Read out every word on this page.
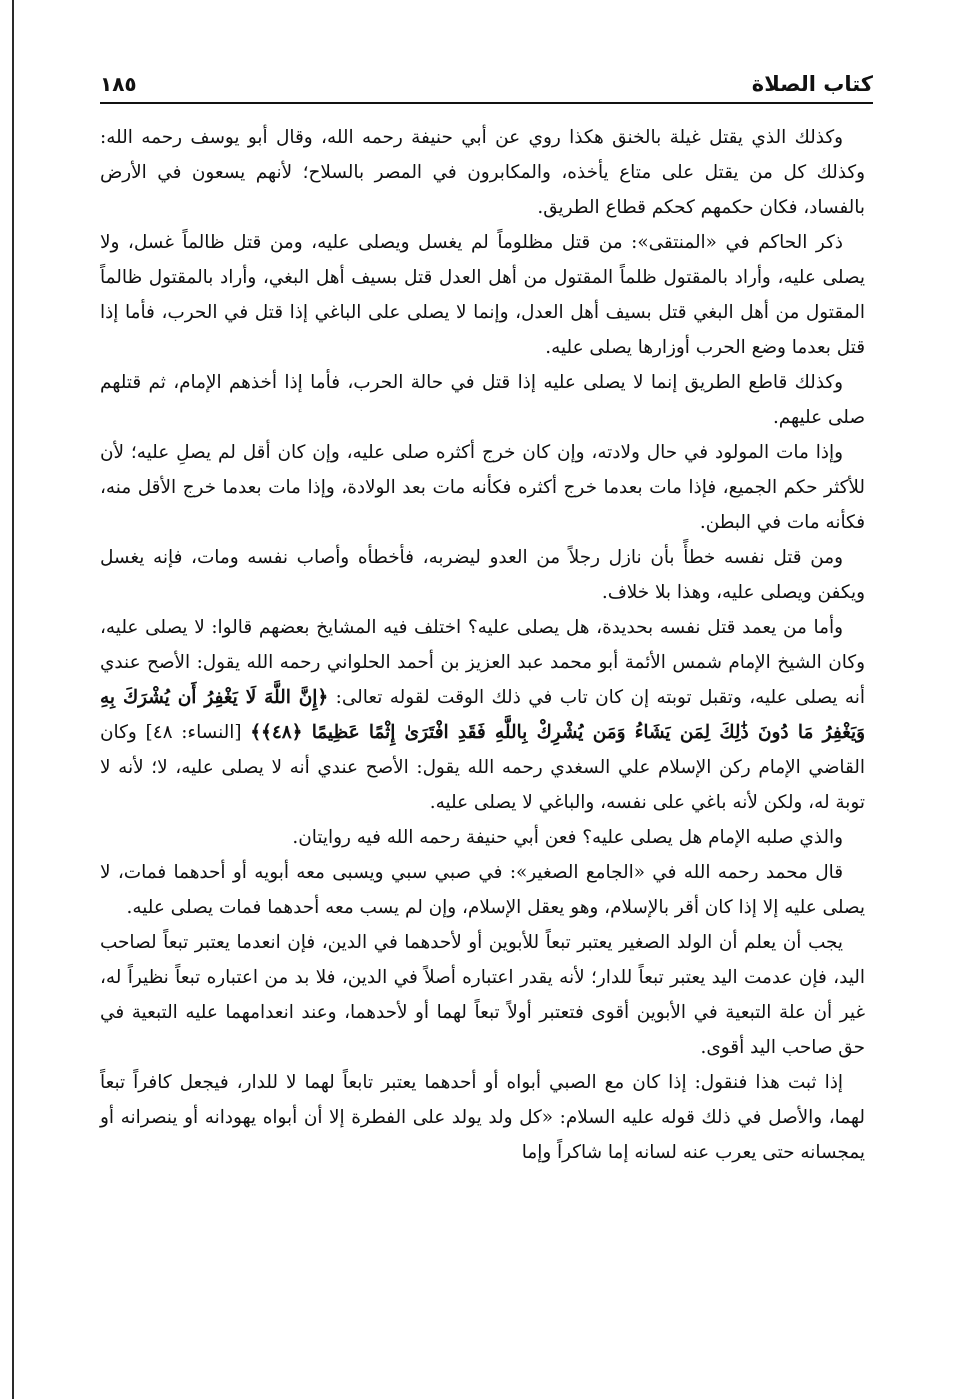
كتاب الصلاة
١٨٥

وكذلك الذي يقتل غيلة بالخنق هكذا روي عن أبي حنيفة رحمه الله، وقال أبو يوسف رحمه الله: وكذلك كل من يقتل على متاع يأخذه، والمكابرون في المصر بالسلاح؛ لأنهم يسعون في الأرض بالفساد، فكان حكمهم كحكم قطاع الطريق.

ذكر الحاكم في «المنتقى»: من قتل مظلوماً لم يغسل ويصلى عليه، ومن قتل ظالماً غسل، ولا يصلى عليه، وأراد بالمقتول ظلماً المقتول من أهل العدل قتل بسيف أهل البغي، وأراد بالمقتول ظالماً المقتول من أهل البغي قتل بسيف أهل العدل، وإنما لا يصلى على الباغي إذا قتل في الحرب، فأما إذا قتل بعدما وضع الحرب أوزارها يصلى عليه.

وكذلك قاطع الطريق إنما لا يصلى عليه إذا قتل في حالة الحرب، فأما إذا أخذهم الإمام، ثم قتلهم صلى عليهم.

وإذا مات المولود في حال ولادته، وإن كان خرج أكثره صلى عليه، وإن كان أقل لم يصلِ عليه؛ لأن للأكثر حكم الجميع، فإذا مات بعدما خرج أكثره فكأنه مات بعد الولادة، وإذا مات بعدما خرج الأقل منه، فكأنه مات في البطن.

ومن قتل نفسه خطأً بأن نازل رجلاً من العدو ليضربه، فأخطأه وأصاب نفسه ومات، فإنه يغسل ويكفن ويصلى عليه، وهذا بلا خلاف.

وأما من يعمد قتل نفسه بحديدة، هل يصلى عليه؟ اختلف فيه المشايخ بعضهم قالوا: لا يصلى عليه، وكان الشيخ الإمام شمس الأئمة أبو محمد عبد العزيز بن أحمد الحلواني رحمه الله يقول: الأصح عندي أنه يصلى عليه، وتقبل توبته إن كان تاب في ذلك الوقت لقوله تعالى: ﴿إِنَّ اللَّهَ لَا يَغْفِرُ أَن يُشْرَكَ بِهِ وَيَغْفِرُ مَا دُونَ ذَٰلِكَ لِمَن يَشَاءُ وَمَن يُشْرِكْ بِاللَّهِ فَقَدِ افْتَرَىٰ إِثْمًا عَظِيمًا ﴿٤٨﴾﴾ [النساء: ٤٨] وكان القاضي الإمام ركن الإسلام علي السغدي رحمه الله يقول: الأصح عندي أنه لا يصلى عليه، لا؛ لأنه لا توبة له، ولكن لأنه باغي على نفسه، والباغي لا يصلى عليه.

والذي صلبه الإمام هل يصلى عليه؟ فعن أبي حنيفة رحمه الله فيه روايتان.

قال محمد رحمه الله في «الجامع الصغير»: في صبي سبي ويسبى معه أبويه أو أحدهما فمات، لا يصلى عليه إلا إذا كان أقر بالإسلام، وهو يعقل الإسلام، وإن لم يسب معه أحدهما فمات يصلى عليه.

يجب أن يعلم أن الولد الصغير يعتبر تبعاً للأبوين أو لأحدهما في الدين، فإن انعدما يعتبر تبعاً لصاحب اليد، فإن عدمت اليد يعتبر تبعاً للدار؛ لأنه يقدر اعتباره أصلاً في الدين، فلا بد من اعتباره تبعاً نظيراً له، غير أن علة التبعية في الأبوين أقوى فتعتبر أولاً تبعاً لهما أو لأحدهما، وعند انعدامهما عليه التبعية في حق صاحب اليد أقوى.

إذا ثبت هذا فنقول: إذا كان مع الصبي أبواه أو أحدهما يعتبر تابعاً لهما لا للدار، فيجعل كافراً تبعاً لهما، والأصل في ذلك قوله عليه السلام: «كل ولد يولد على الفطرة إلا أن أبواه يهودانه أو ينصرانه أو يمجسانه حتى يعرب عنه لسانه إما شاكراً وإما
